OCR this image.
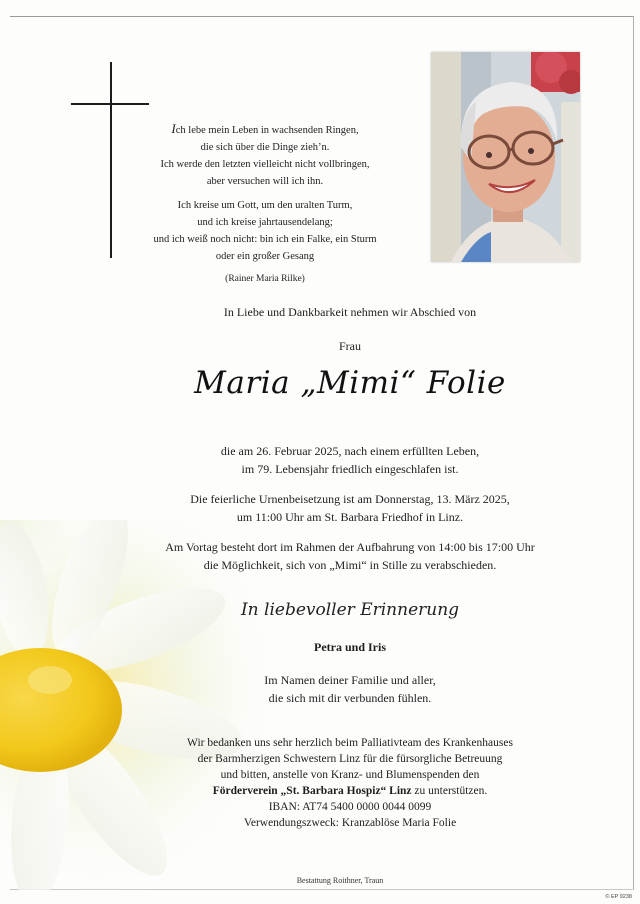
Ich lebe mein Leben in wachsenden Ringen,

die sich über die Dinge zieh’n.

Ich werde den letzten vielleicht nicht vollbringen,

aber versuchen will ich ihn.

Ich kreise um Gott, um den uralten Turm,

und ich kreise jahrtausendelang;

und ich weiß noch nicht: bin ich ein Falke, ein Sturm

oder ein großer Gesang

(Rainer Maria Rilke)

In Liebe und Dankbarkeit nehmen wir Abschied von
Frau
Maria „Mimi“ Folie

die am 26. Februar 2025, nach einem erfüllten Leben,

im 79. Lebensjahr friedlich eingeschlafen ist.

Die feierliche Urnenbeisetzung ist am Donnerstag, 13. März 2025,

um 11:00 Uhr am St. Barbara Friedhof in Linz.

Am Vortag besteht dort im Rahmen der Aufbahrung von 14:00 bis 17:00 Uhr

die Möglichkeit, sich von „Mimi“ in Stille zu verabschieden.

In liebevoller Erinnerung
Petra und Iris

Im Namen deiner Familie und aller,

die sich mit dir verbunden fühlen.

Wir bedanken uns sehr herzlich beim Palliativteam des Krankenhauses

der Barmherzigen Schwestern Linz für die fürsorgliche Betreuung

und bitten, anstelle von Kranz- und Blumenspenden den

Förderverein „St. Barbara Hospiz“ Linz zu unterstützen.

IBAN: AT74 5400 0000 0044 0099

Verwendungszweck: Kranzablöse Maria Folie

Bestattung Roithner, Traun
© EP 9238
